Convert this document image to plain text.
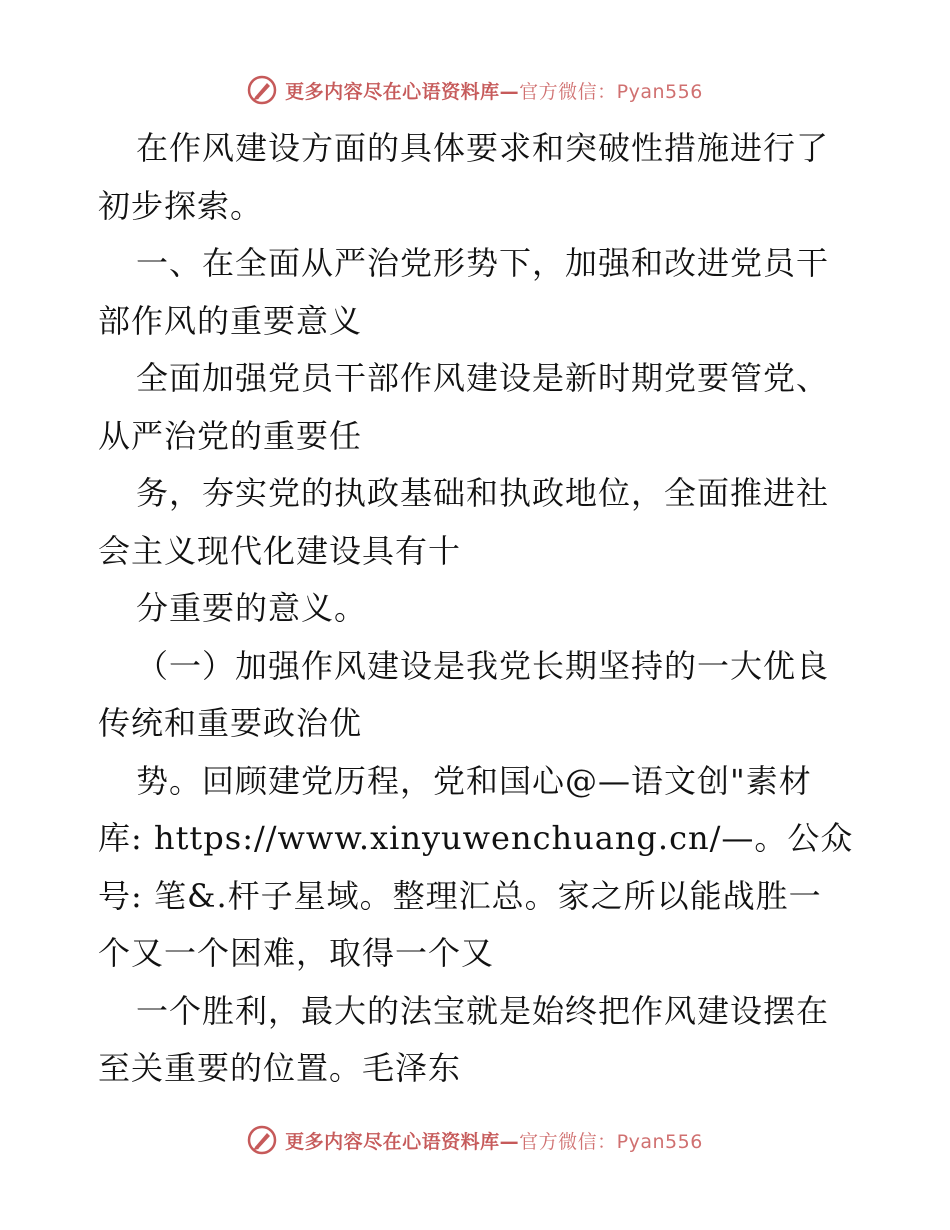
更多内容尽在心语资料库— 官方微信：Pyan556
在作风建设方面的具体要求和突破性措施进行了
初步探索。
一、在全面从严治党形势下，加强和改进党员干
部作风的重要意义
全面加强党员干部作风建设是新时期党要管党、
从严治党的重要任
务，夯实党的执政基础和执政地位，全面推进社
会主义现代化建设具有十
分重要的意义。
（一）加强作风建设是我党长期坚持的一大优良
传统和重要政治优
势。回顾建党历程，党和国心@—语文创"素材
库: https://www.xinyuwenchuang.cn/—。公众
号: 笔&.杆子星域。整理汇总。家之所以能战胜一
个又一个困难，取得一个又
一个胜利，最大的法宝就是始终把作风建设摆在
至关重要的位置。毛泽东
更多内容尽在心语资料库— 官方微信：Pyan556
